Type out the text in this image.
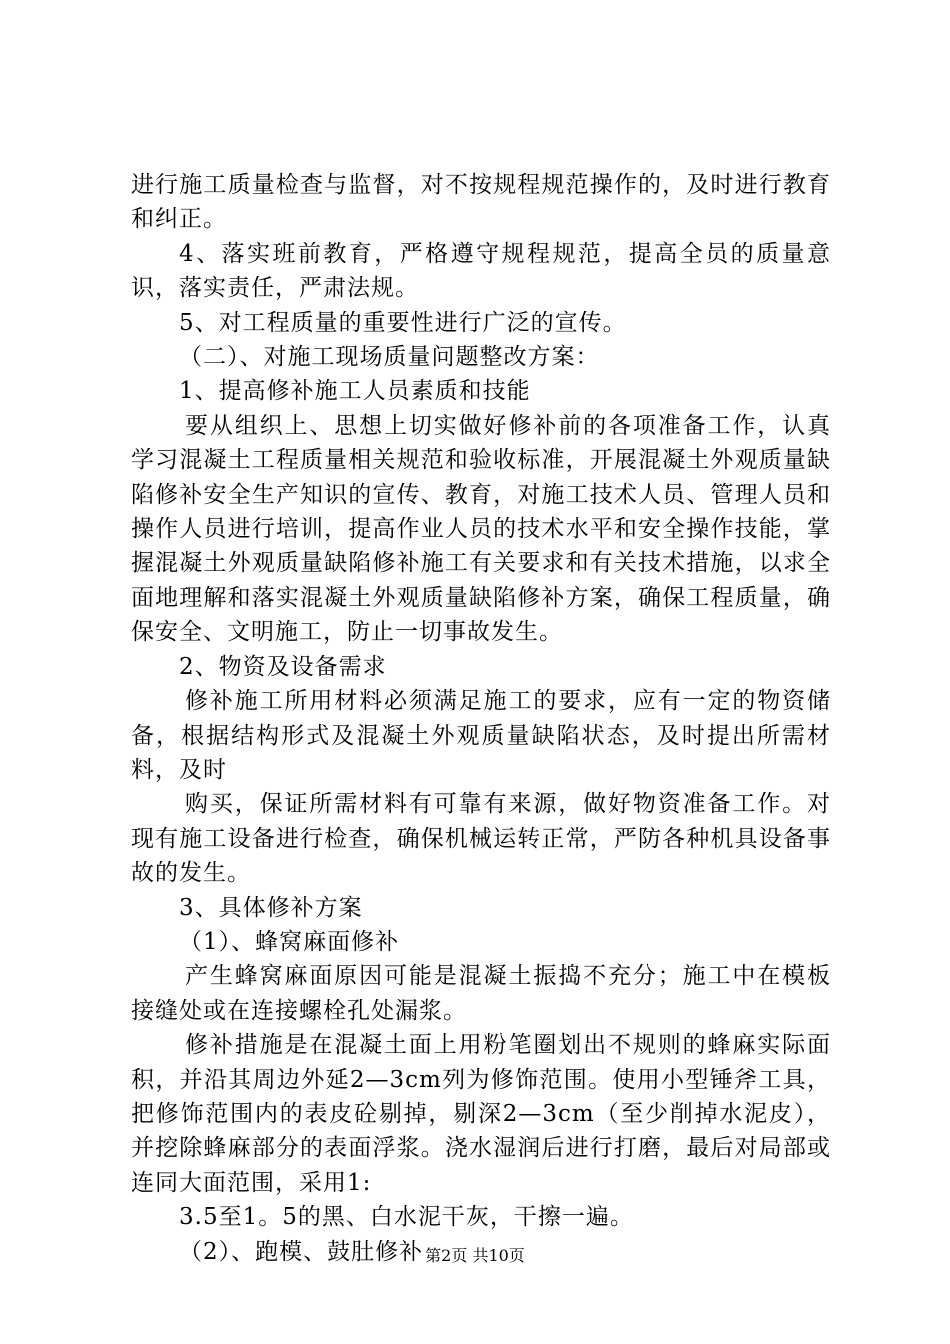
进行施工质量检查与监督，对不按规程规范操作的，及时进行教育和纠正。

4、落实班前教育，严格遵守规程规范，提高全员的质量意识，落实责任，严肃法规。

5、对工程质量的重要性进行广泛的宣传。

（二）、对施工现场质量问题整改方案：

1、提高修补施工人员素质和技能

要从组织上、思想上切实做好修补前的各项准备工作，认真学习混凝土工程质量相关规范和验收标准，开展混凝土外观质量缺陷修补安全生产知识的宣传、教育，对施工技术人员、管理人员和操作人员进行培训，提高作业人员的技术水平和安全操作技能，掌握混凝土外观质量缺陷修补施工有关要求和有关技术措施，以求全面地理解和落实混凝土外观质量缺陷修补方案，确保工程质量，确保安全、文明施工，防止一切事故发生。

2、物资及设备需求

修补施工所用材料必须满足施工的要求，应有一定的物资储备，根据结构形式及混凝土外观质量缺陷状态，及时提出所需材料，及时

购买，保证所需材料有可靠有来源，做好物资准备工作。对现有施工设备进行检查，确保机械运转正常，严防各种机具设备事故的发生。

3、具体修补方案

（1）、蜂窝麻面修补

产生蜂窝麻面原因可能是混凝土振捣不充分；施工中在模板接缝处或在连接螺栓孔处漏浆。

修补措施是在混凝土面上用粉笔圈划出不规则的蜂麻实际面积，并沿其周边外延2—3cm列为修饰范围。使用小型锤斧工具，把修饰范围内的表皮砼剔掉，剔深2—3cm（至少削掉水泥皮），并挖除蜂麻部分的表面浮浆。浇水湿润后进行打磨，最后对局部或连同大面范围，采用1:

3.5至1。5的黑、白水泥干灰，干擦一遍。

（2）、跑模、鼓肚修补 第2页 共10页
